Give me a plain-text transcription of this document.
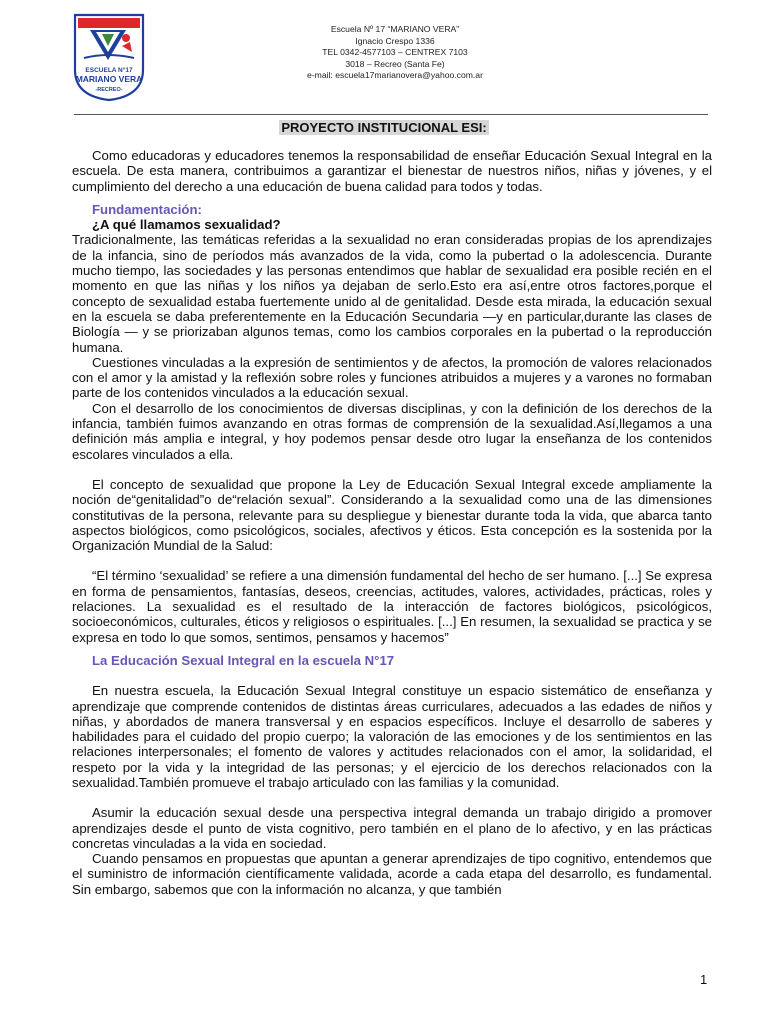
ESCUELA N°17
MARIANO VERA
-RECREO-
Escuela Nº 17 “MARIANO VERA”
Ignacio Crespo 1336
TEL 0342-4577103 – CENTREX 7103
3018 – Recreo (Santa Fe)
e-mail: escuela17marianovera@yahoo.com.ar
PROYECTO INSTITUCIONAL ESI:

Como educadoras y educadores tenemos la responsabilidad de enseñar Educación Sexual Integral en la escuela. De esta manera, contribuimos a garantizar el bienestar de nuestros niños, niñas y jóvenes, y el cumplimiento del derecho a una educación de buena calidad para todos y todas.

Fundamentación:
¿A qué llamamos sexualidad?

Tradicionalmente, las temáticas referidas a la sexualidad no eran consideradas propias de los aprendizajes de la infancia, sino de períodos más avanzados de la vida, como la pubertad o la adolescencia. Durante mucho tiempo, las sociedades y las personas entendimos que hablar de sexualidad era posible recién en el momento en que las niñas y los niños ya dejaban de serlo.Esto era así,entre otros factores,porque el concepto de sexualidad estaba fuertemente unido al de genitalidad. Desde esta mirada, la educación sexual en la escuela se daba preferentemente en la Educación Secundaria —y en particular,durante las clases de Biología — y se priorizaban algunos temas, como los cambios corporales en la pubertad o la reproducción humana.

Cuestiones vinculadas a la expresión de sentimientos y de afectos, la promoción de valores relacionados con el amor y la amistad y la reflexión sobre roles y funciones atribuidos a mujeres y a varones no formaban parte de los contenidos vinculados a la educación sexual.

Con el desarrollo de los conocimientos de diversas disciplinas, y con la definición de los derechos de la infancia, también fuimos avanzando en otras formas de comprensión de la sexualidad.Así,llegamos a una definición más amplia e integral, y hoy podemos pensar desde otro lugar la enseñanza de los contenidos escolares vinculados a ella.

El concepto de sexualidad que propone la Ley de Educación Sexual Integral excede ampliamente la noción de“genitalidad”o de“relación sexual”. Considerando a la sexualidad como una de las dimensiones constitutivas de la persona, relevante para su despliegue y bienestar durante toda la vida, que abarca tanto aspectos biológicos, como psicológicos, sociales, afectivos y éticos. Esta concepción es la sostenida por la Organización Mundial de la Salud:

“El término ‘sexualidad’ se refiere a una dimensión fundamental del hecho de ser humano. [...] Se expresa en forma de pensamientos, fantasías, deseos, creencias, actitudes, valores, actividades, prácticas, roles y relaciones. La sexualidad es el resultado de la interacción de factores biológicos, psicológicos, socioeconómicos, culturales, éticos y religiosos o espirituales. [...] En resumen, la sexualidad se practica y se expresa en todo lo que somos, sentimos, pensamos y hacemos”

La Educación Sexual Integral en la escuela N°17

En nuestra escuela, la Educación Sexual Integral constituye un espacio sistemático de enseñanza y aprendizaje que comprende contenidos de distintas áreas curriculares, adecuados a las edades de niños y niñas, y abordados de manera transversal y en espacios específicos. Incluye el desarrollo de saberes y habilidades para el cuidado del propio cuerpo; la valoración de las emociones y de los sentimientos en las relaciones interpersonales; el fomento de valores y actitudes relacionados con el amor, la solidaridad, el respeto por la vida y la integridad de las personas; y el ejercicio de los derechos relacionados con la sexualidad.También promueve el trabajo articulado con las familias y la comunidad.

Asumir la educación sexual desde una perspectiva integral demanda un trabajo dirigido a promover aprendizajes desde el punto de vista cognitivo, pero también en el plano de lo afectivo, y en las prácticas concretas vinculadas a la vida en sociedad.

Cuando pensamos en propuestas que apuntan a generar aprendizajes de tipo cognitivo, entendemos que el suministro de información científicamente validada, acorde a cada etapa del desarrollo, es fundamental. Sin embargo, sabemos que con la información no alcanza, y que también

1
